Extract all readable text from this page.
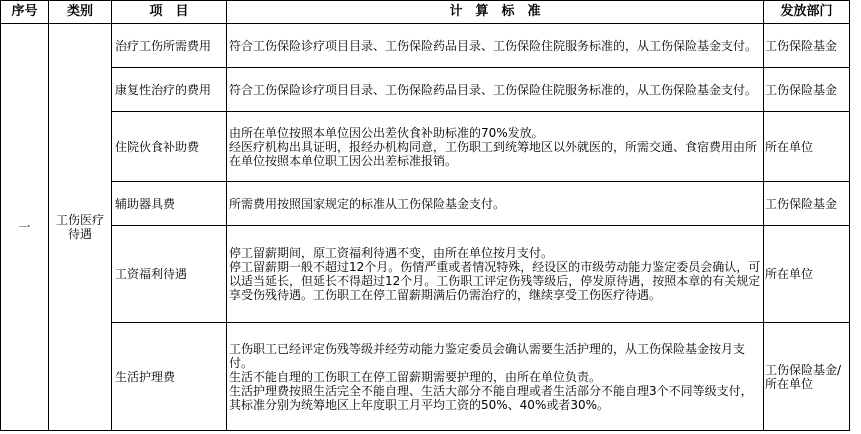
序号	类别	项　目	计　算　标　准	发放部门
一	工伤医疗待遇	治疗工伤所需费用	符合工伤保险诊疗项目目录、工伤保险药品目录、工伤保险住院服务标准的，从工伤保险基金支付。	工伤保险基金
		康复性治疗的费用	符合工伤保险诊疗项目目录、工伤保险药品目录、工伤保险住院服务标准的，从工伤保险基金支付。	工伤保险基金
		住院伙食补助费	由所在单位按照本单位因公出差伙食补助标准的70%发放。

经医疗机构出具证明，报经办机构同意，工伤职工到统筹地区以外就医的，所需交通、食宿费用由所在单位按照本单位职工因公出差标准报销。	所在单位
		辅助器具费	所需费用按照国家规定的标准从工伤保险基金支付。	工伤保险基金
		工资福利待遇	停工留薪期间，原工资福利待遇不变，由所在单位按月支付。

停工留薪期一般不超过12个月。伤情严重或者情况特殊，经设区的市级劳动能力鉴定委员会确认，可以适当延长，但延长不得超过12个月。工伤职工评定伤残等级后，停发原待遇，按照本章的有关规定享受伤残待遇。工伤职工在停工留薪期满后仍需治疗的，继续享受工伤医疗待遇。	所在单位
		生活护理费	工伤职工已经评定伤残等级并经劳动能力鉴定委员会确认需要生活护理的，从工伤保险基金按月支付。

生活不能自理的工伤职工在停工留薪期需要护理的，由所在单位负责。

生活护理费按照生活完全不能自理、生活大部分不能自理或者生活部分不能自理3个不同等级支付，其标准分别为统筹地区上年度职工月平均工资的50%、40%或者30%。	工伤保险基金/所在单位
